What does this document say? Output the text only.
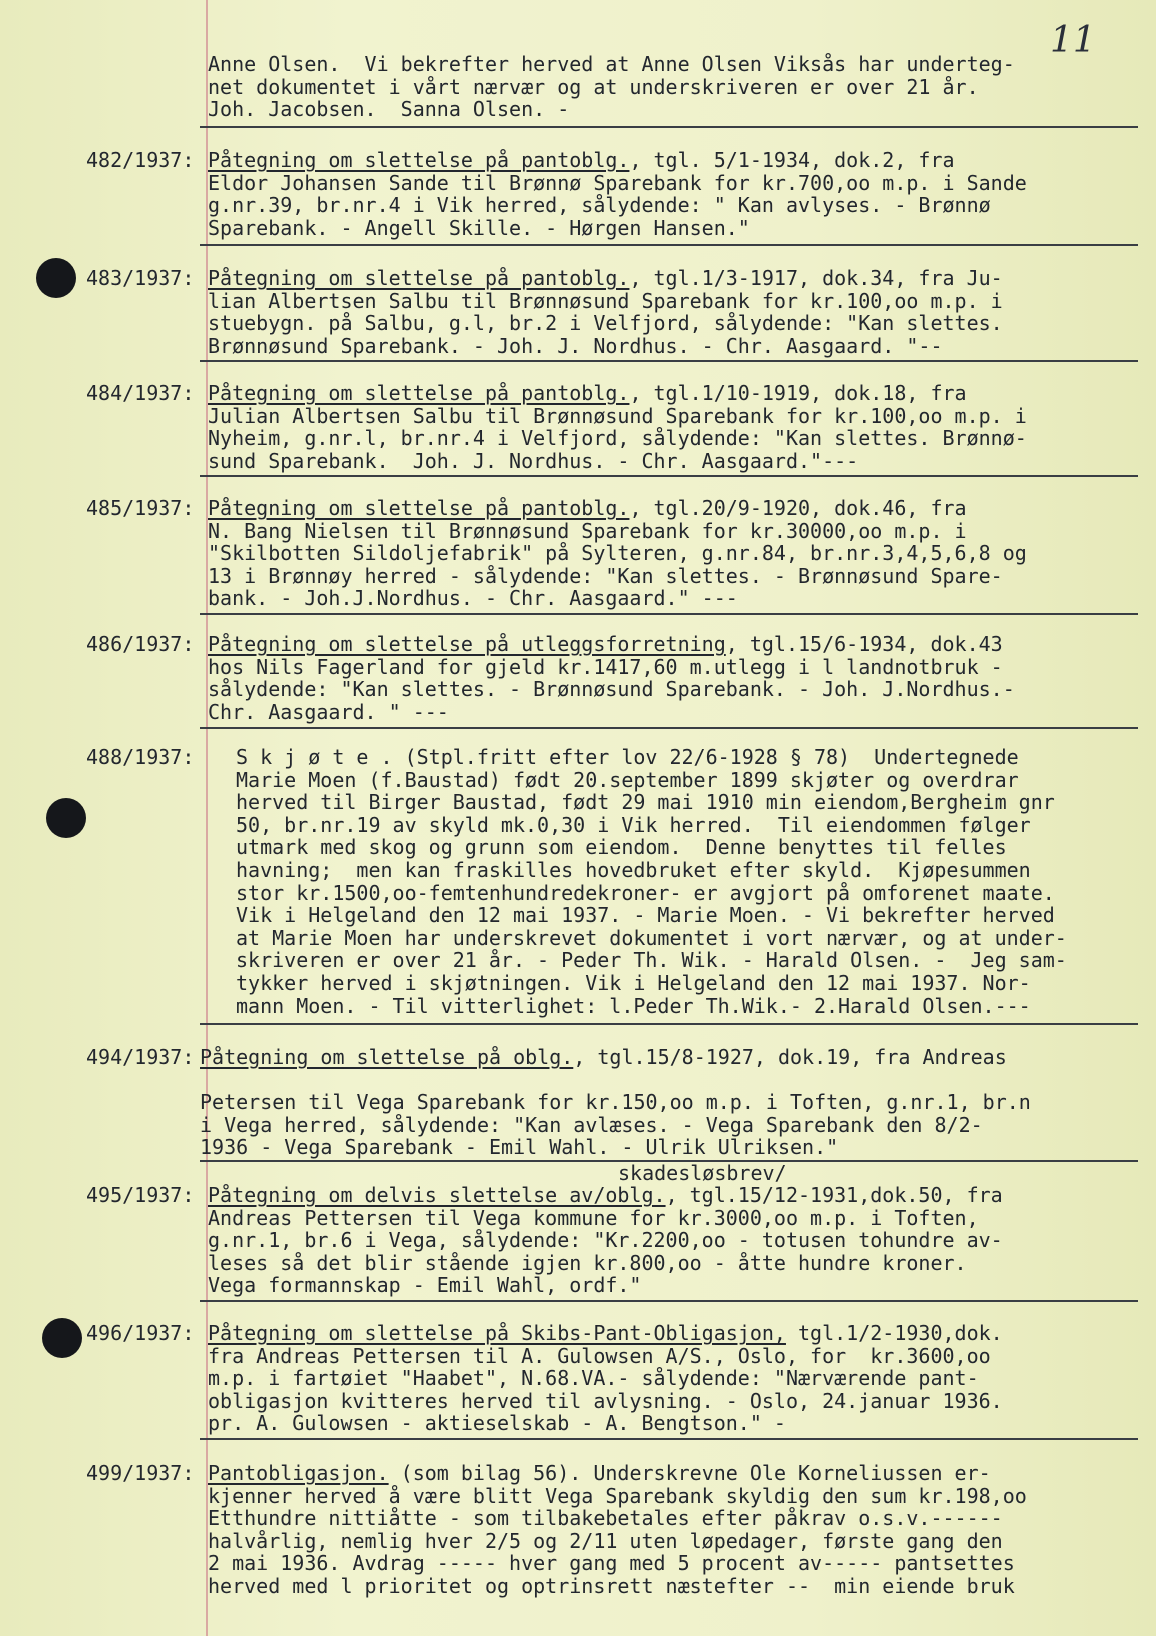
11
Anne Olsen.  Vi bekrefter herved at Anne Olsen Viksås har underteg-
net dokumentet i vårt nærvær og at underskriveren er over 21 år.
Joh. Jacobsen.  Sanna Olsen. -
482/1937: Påtegning om slettelse på pantoblg., tgl. 5/1-1934, dok.2, fra
Eldor Johansen Sande til Brønnø Sparebank for kr.700,oo m.p. i Sande
g.nr.39, br.nr.4 i Vik herred, sålydende: " Kan avlyses. - Brønnø
Sparebank. - Angell Skille. - Hørgen Hansen."
483/1937: Påtegning om slettelse på pantoblg., tgl.1/3-1917, dok.34, fra Ju-
lian Albertsen Salbu til Brønnøsund Sparebank for kr.100,oo m.p. i
stuebygn. på Salbu, g.l, br.2 i Velfjord, sålydende: "Kan slettes.
Brønnøsund Sparebank. - Joh. J. Nordhus. - Chr. Aasgaard. "--
484/1937: Påtegning om slettelse på pantoblg., tgl.1/10-1919, dok.18, fra
Julian Albertsen Salbu til Brønnøsund Sparebank for kr.100,oo m.p. i
Nyheim, g.nr.l, br.nr.4 i Velfjord, sålydende: "Kan slettes. Brønnø-
sund Sparebank.  Joh. J. Nordhus. - Chr. Aasgaard."---
485/1937: Påtegning om slettelse på pantoblg., tgl.20/9-1920, dok.46, fra
N. Bang Nielsen til Brønnøsund Sparebank for kr.30000,oo m.p. i
"Skilbotten Sildoljefabrik" på Sylteren, g.nr.84, br.nr.3,4,5,6,8 og
13 i Brønnøy herred - sålydende: "Kan slettes. - Brønnøsund Spare-
bank. - Joh.J.Nordhus. - Chr. Aasgaard." ---
486/1937: Påtegning om slettelse på utleggsforretning, tgl.15/6-1934, dok.43
hos Nils Fagerland for gjeld kr.1417,60 m.utlegg i l landnotbruk -
sålydende: "Kan slettes. - Brønnøsund Sparebank. - Joh. J.Nordhus.-
Chr. Aasgaard. " ---
488/1937:	S k j ø t e . (Stpl.fritt efter lov 22/6-1928 § 78)  Undertegnede
Marie Moen (f.Baustad) født 20.september 1899 skjøter og overdrar
herved til Birger Baustad, født 29 mai 1910 min eiendom,Bergheim gnr
50, br.nr.19 av skyld mk.0,30 i Vik herred.  Til eiendommen følger
utmark med skog og grunn som eiendom.  Denne benyttes til felles
havning;  men kan fraskilles hovedbruket efter skyld.  Kjøpesummen
stor kr.1500,oo-femtenhundredekroner- er avgjort på omforenet maate.
Vik i Helgeland den 12 mai 1937. - Marie Moen. - Vi bekrefter herved
at Marie Moen har underskrevet dokumentet i vort nærvær, og at under-
skriveren er over 21 år. - Peder Th. Wik. - Harald Olsen. -  Jeg sam-
tykker herved i skjøtningen. Vik i Helgeland den 12 mai 1937. Nor-
mann Moen. - Til vitterlighet: l.Peder Th.Wik.- 2.Harald Olsen.---
494/1937: Påtegning om slettelse på oblg., tgl.15/8-1927, dok.19, fra Andreas

Petersen til Vega Sparebank for kr.150,oo m.p. i Toften, g.nr.1, br.n
i Vega herred, sålydende: "Kan avlæses. - Vega Sparebank den 8/2-
1936 - Vega Sparebank - Emil Wahl. - Ulrik Ulriksen."
skadesløsbrev/
495/1937: Påtegning om delvis slettelse av/oblg., tgl.15/12-1931,dok.50, fra
Andreas Pettersen til Vega kommune for kr.3000,oo m.p. i Toften,
g.nr.1, br.6 i Vega, sålydende: "Kr.2200,oo - totusen tohundre av-
leses så det blir stående igjen kr.800,oo - åtte hundre kroner.
Vega formannskap - Emil Wahl, ordf."
496/1937: Påtegning om slettelse på Skibs-Pant-Obligasjon, tgl.1/2-1930,dok.
fra Andreas Pettersen til A. Gulowsen A/S., Oslo, for  kr.3600,oo
m.p. i fartøiet "Haabet", N.68.VA.- sålydende: "Nærværende pant-
obligasjon kvitteres herved til avlysning. - Oslo, 24.januar 1936.
pr. A. Gulowsen - aktieselskab - A. Bengtson." -
499/1937: Pantobligasjon. (som bilag 56). Underskrevne Ole Korneliussen er-
kjenner herved å være blitt Vega Sparebank skyldig den sum kr.198,oo
Etthundre nittiåtte - som tilbakebetales efter påkrav o.s.v.------
halvårlig, nemlig hver 2/5 og 2/11 uten løpedager, første gang den
2 mai 1936. Avdrag ----- hver gang med 5 procent av----- pantsettes
herved med l prioritet og optrinsrett næstefter --  min eiende bruk
